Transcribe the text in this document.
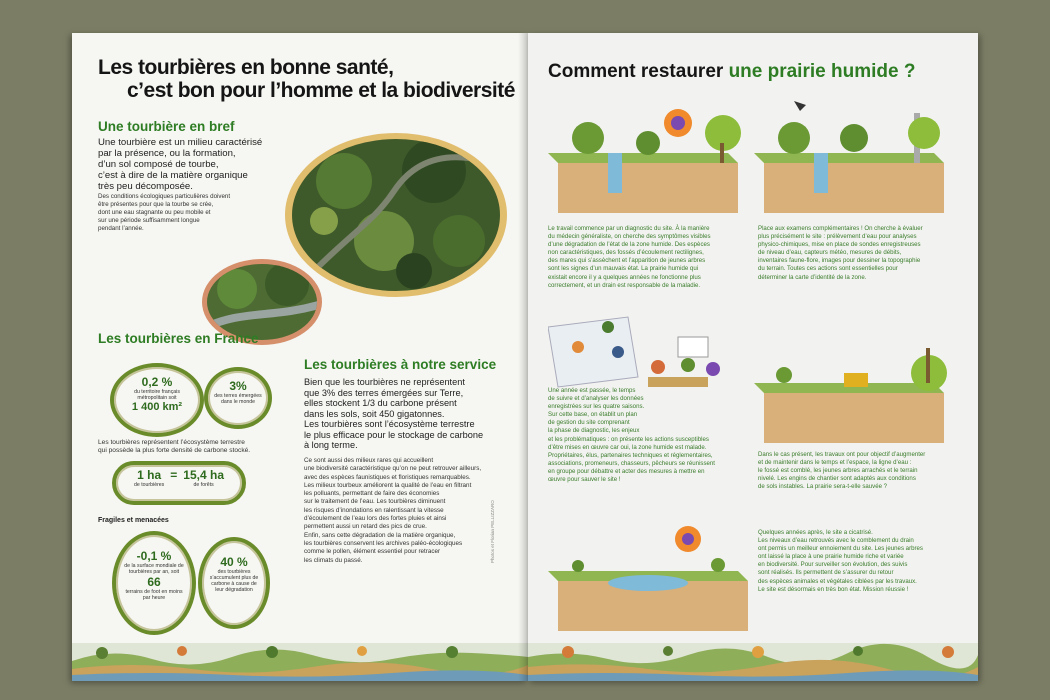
Les tourbières en bonne santé,
c’est bon pour l’homme et la biodiversité
Une tourbière en bref
Une tourbière est un milieu caractérisé
par la présence, ou la formation,
d’un sol composé de tourbe,
c’est à dire de la matière organique
très peu décomposée.
Des conditions écologiques particulières doivent
être présentes pour que la tourbe se crée,
dont une eau stagnante ou peu mobile et
sur une période suffisamment longue
pendant l’année.
Les tourbières en France
0,2 %
du territoire français métropolitain soit
1 400 km²
3%
des terres émergées dans le monde
Les tourbières représentent l’écosystème terrestre
qui possède la plus forte densité de carbone stocké.
1 ha
de tourbières
= 15,4 ha
de forêts
Fragiles et menacées
-0,1 %
de la surface mondiale de tourbières par an, soit
66
terrains de foot en moins par heure
40 %
des tourbières s’accumulent plus de carbone à cause de leur dégradation
Les tourbières à notre service
Bien que les tourbières ne représentent
que 3% des terres émergées sur Terre,
elles stockent 1/3 du carbone présent
dans les sols, soit 450 gigatonnes.
Les tourbières sont l’écosystème terrestre
le plus efficace pour le stockage de carbone
à long terme.
Ce sont aussi des milieux rares qui accueillent
une biodiversité caractéristique qu’on ne peut retrouver ailleurs,
avec des espèces faunistiques et floristiques remarquables.
Les milieux tourbeux améliorent la qualité de l’eau en filtrant
les polluants, permettant de faire des économies
sur le traitement de l’eau. Les tourbières diminuent
les risques d’inondations en ralentissant la vitesse
d’écoulement de l’eau lors des fortes pluies et ainsi
permettent aussi un retard des pics de crue.
Enfin, sans cette dégradation de la matière organique,
les tourbières conservent les archives paléo-écologiques
comme le pollen, élément essentiel pour retracer
les climats du passé.	Photos et Florian PELLIZZARO
Comment restaurer une prairie humide ?
Le travail commence par un diagnostic du site. À la manière
du médecin généraliste, on cherche des symptômes visibles
d’une dégradation de l’état de la zone humide. Des espèces
non caractéristiques, des fossés d’écoulement rectilignes,
des mares qui s’assèchent et l’apparition de jeunes arbres
sont les signes d’un mauvais état. La prairie humide qui
existait encore il y a quelques années ne fonctionne plus
correctement, et un drain est responsable de la maladie.
Place aux examens complémentaires ! On cherche à évaluer
plus précisément le site : prélèvement d’eau pour analyses
physico-chimiques, mise en place de sondes enregistreuses
de niveau d’eau, capteurs météo, mesures de débits,
inventaires faune-flore, images pour dessiner la topographie
du terrain. Toutes ces actions sont essentielles pour
déterminer la carte d’identité de la zone.
Une année est passée, le temps
de suivre et d’analyser les données
enregistrées sur les quatre saisons.
Sur cette base, on établit un plan
de gestion du site comprenant
la phase de diagnostic, les enjeux
et les problématiques : on présente les actions susceptibles
d’être mises en œuvre car oui, la zone humide est malade.
Propriétaires, élus, partenaires techniques et réglementaires,
associations, promeneurs, chasseurs, pêcheurs se réunissent
en groupe pour débattre et acter des mesures à mettre en
œuvre pour sauver le site !
Dans le cas présent, les travaux ont pour objectif d’augmenter
et de maintenir dans le temps et l’espace, la ligne d’eau :
le fossé est comblé, les jeunes arbres arrachés et le terrain
nivelé. Les engins de chantier sont adaptés aux conditions
de sols instables. La prairie sera-t-elle sauvée ?
Quelques années après, le site a cicatrisé.
Les niveaux d’eau retrouvés avec le comblement du drain
ont permis un meilleur ennoiement du site. Les jeunes arbres
ont laissé la place à une prairie humide riche et variée
en biodiversité. Pour surveiller son évolution, des suivis
sont réalisés. Ils permettent de s’assurer du retour
des espèces animales et végétales ciblées par les travaux.
Le site est désormais en très bon état. Mission réussie !
